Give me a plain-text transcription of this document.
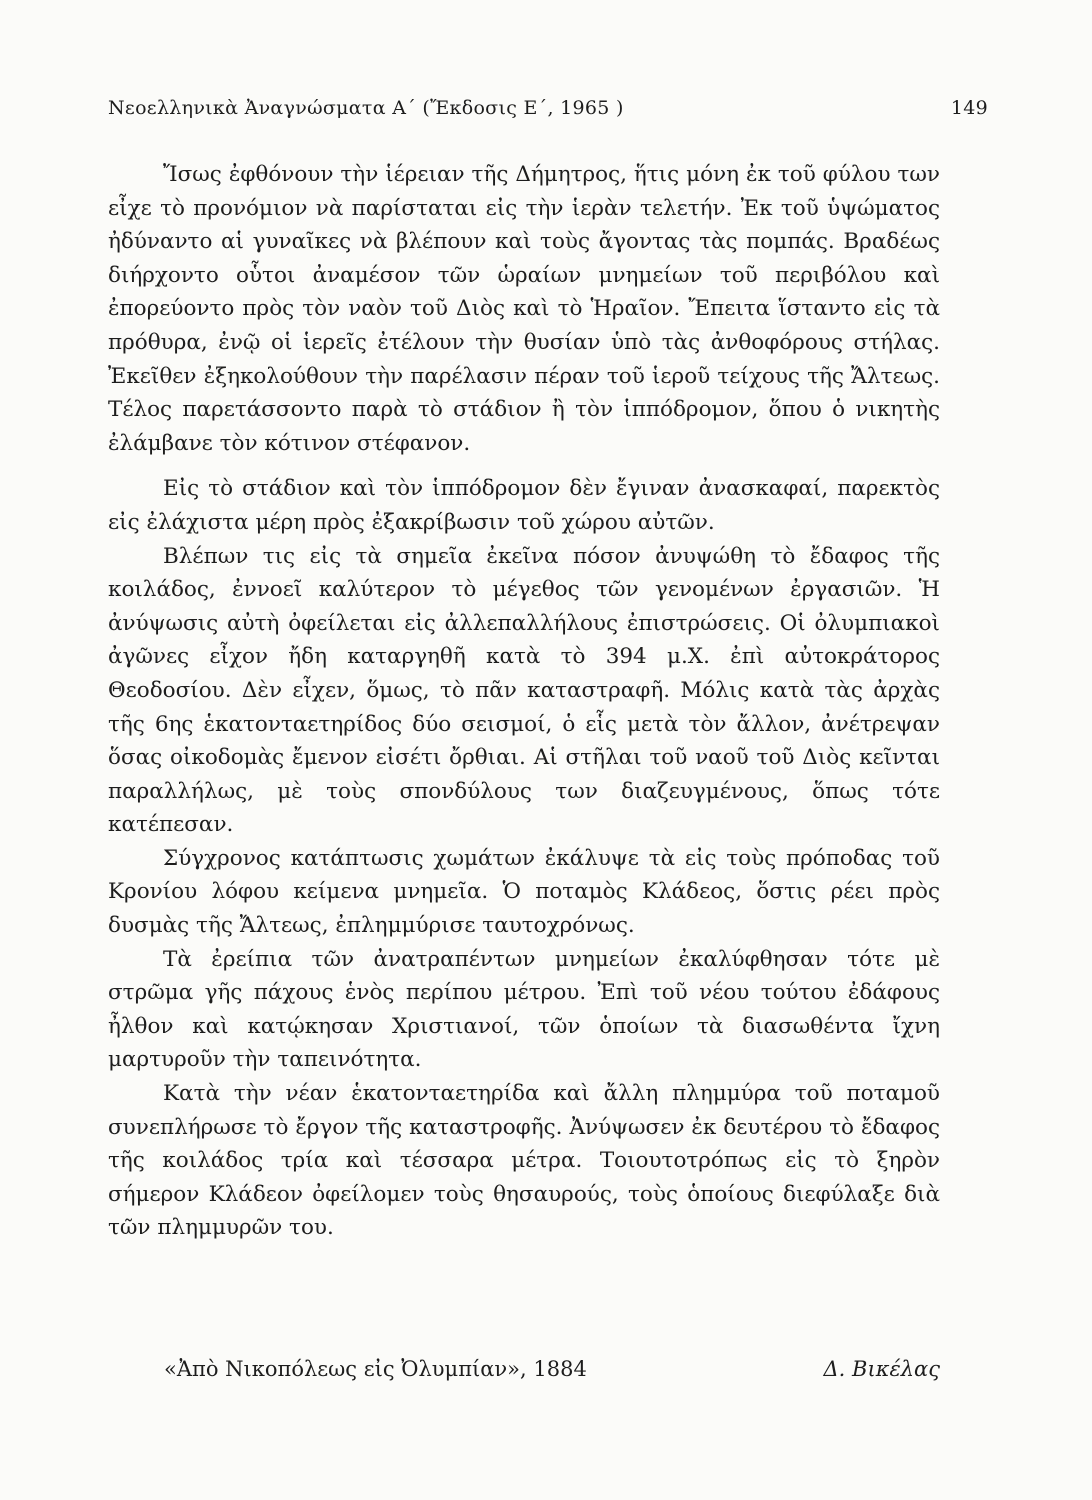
Νεοελληνικὰ Ἀναγνώσματα Α΄ (Ἔκδοσις Ε΄, 1965 )	149

Ἴσως ἐφθόνουν τὴν ἱέρειαν τῆς Δήμητρος, ἥτις μόνη ἐκ τοῦ φύλου των εἶχε τὸ προνόμιον νὰ παρίσταται εἰς τὴν ἱερὰν τελετήν. Ἐκ τοῦ ὑψώματος ἠδύναντο αἱ γυναῖκες νὰ βλέπουν καὶ τοὺς ἄγοντας τὰς πομπάς. Βραδέως διήρχοντο οὗτοι ἀναμέσον τῶν ὡραίων μνημείων τοῦ περιβόλου καὶ ἐπορεύοντο πρὸς τὸν ναὸν τοῦ Διὸς καὶ τὸ Ἡραῖον. Ἔπειτα ἵσταντο εἰς τὰ πρόθυρα, ἐνῷ οἱ ἱερεῖς ἐτέλουν τὴν θυσίαν ὑπὸ τὰς ἀνθοφόρους στήλας. Ἐκεῖθεν ἐξηκολούθουν τὴν παρέλασιν πέραν τοῦ ἱεροῦ τείχους τῆς Ἄλτεως. Τέλος παρετάσσοντο παρὰ τὸ στάδιον ἢ τὸν ἱππόδρομον, ὅπου ὁ νικητὴς ἐλάμβανε τὸν κότινον στέφανον.

Εἰς τὸ στάδιον καὶ τὸν ἱππόδρομον δὲν ἔγιναν ἀνασκαφαί, παρεκτὸς εἰς ἐλάχιστα μέρη πρὸς ἐξακρίβωσιν τοῦ χώρου αὐτῶν.

Βλέπων τις εἰς τὰ σημεῖα ἐκεῖνα πόσον ἀνυψώθη τὸ ἔδαφος τῆς κοιλάδος, ἐννοεῖ καλύτερον τὸ μέγεθος τῶν γενομένων ἐργασιῶν. Ἡ ἀνύψωσις αὐτὴ ὀφείλεται εἰς ἀλλεπαλλήλους ἐπιστρώσεις. Οἱ ὀλυμπιακοὶ ἀγῶνες εἶχον ἤδη καταργηθῆ κατὰ τὸ 394 μ.Χ. ἐπὶ αὐτοκράτορος Θεοδοσίου. Δὲν εἶχεν, ὅμως, τὸ πᾶν καταστραφῆ. Μόλις κατὰ τὰς ἀρχὰς τῆς 6ης ἑκατονταετηρίδος δύο σεισμοί, ὁ εἷς μετὰ τὸν ἄλλον, ἀνέτρεψαν ὅσας οἰκοδομὰς ἔμενον εἰσέτι ὄρθιαι. Αἱ στῆλαι τοῦ ναοῦ τοῦ Διὸς κεῖνται παραλλήλως, μὲ τοὺς σπονδύλους των διαζευγμένους, ὅπως τότε κατέπεσαν.

Σύγχρονος κατάπτωσις χωμάτων ἐκάλυψε τὰ εἰς τοὺς πρόποδας τοῦ Κρονίου λόφου κείμενα μνημεῖα. Ὁ ποταμὸς Κλάδεος, ὅστις ρέει πρὸς δυσμὰς τῆς Ἄλτεως, ἐπλημμύρισε ταυτοχρόνως.

Τὰ ἐρείπια τῶν ἀνατραπέντων μνημείων ἐκαλύφθησαν τότε μὲ στρῶμα γῆς πάχους ἑνὸς περίπου μέτρου. Ἐπὶ τοῦ νέου τούτου ἐδάφους ἦλθον καὶ κατῴκησαν Χριστιανοί, τῶν ὁποίων τὰ διασωθέντα ἴχνη μαρτυροῦν τὴν ταπεινότητα.

Κατὰ τὴν νέαν ἑκατονταετηρίδα καὶ ἄλλη πλημμύρα τοῦ ποταμοῦ συνεπλήρωσε τὸ ἔργον τῆς καταστροφῆς. Ἀνύψωσεν ἐκ δευτέρου τὸ ἔδαφος τῆς κοιλάδος τρία καὶ τέσσαρα μέτρα. Τοιουτοτρόπως εἰς τὸ ξηρὸν σήμερον Κλάδεον ὀφείλομεν τοὺς θησαυρούς, τοὺς ὁποίους διεφύλαξε διὰ τῶν πλημμυρῶν του.

«Ἀπὸ Νικοπόλεως εἰς Ὀλυμπίαν», 1884	Δ. Βικέλας
